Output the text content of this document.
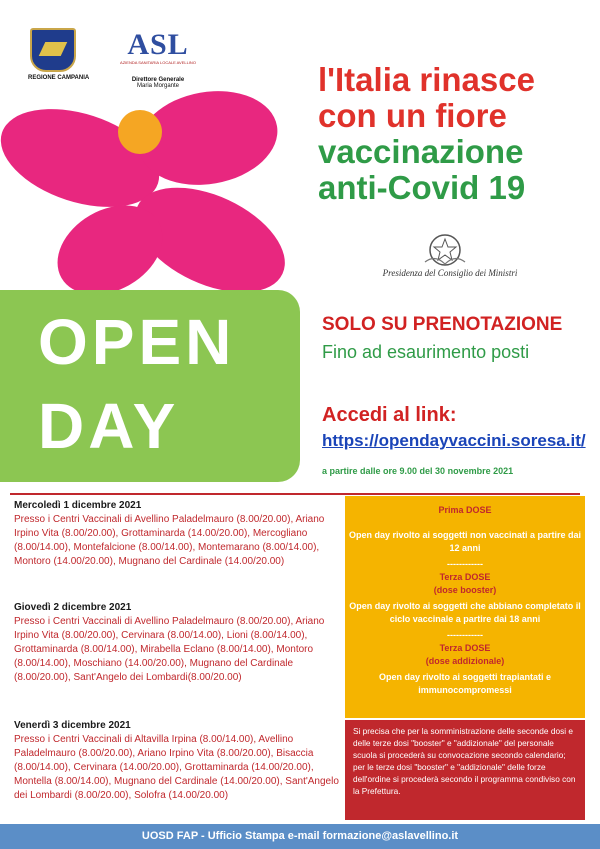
REGIONE CAMPANIA
ASL
AZIENDA SANITARIA LOCALE AVELLINO
Direttore Generale
Maria Morgante	l'Italia rinasce
con un fiore
vaccinazione
anti-Covid 19
Presidenza del Consiglio dei Ministri
OPEN
DAY
SOLO SU PRENOTAZIONE
Fino ad esaurimento posti
Accedi al link:
https://opendayvaccini.soresa.it/
a partire dalle ore 9.00 del 30 novembre 2021
Mercoledì 1 dicembre 2021
Presso i Centri Vaccinali di Avellino Paladelmauro (8.00/20.00), Ariano Irpino Vita (8.00/20.00), Grottaminarda (14.00/20.00), Mercogliano (8.00/14.00), Montefalcione (8.00/14.00), Montemarano (8.00/14.00), Montoro (14.00/20.00), Mugnano del Cardinale (14.00/20.00)
Giovedì 2 dicembre 2021
Presso i Centri Vaccinali di Avellino Paladelmauro (8.00/20.00), Ariano Irpino Vita (8.00/20.00), Cervinara (8.00/14.00), Lioni (8.00/14.00), Grottaminarda (8.00/14.00), Mirabella Eclano (8.00/14.00), Montoro (8.00/14.00), Moschiano (14.00/20.00), Mugnano del Cardinale (8.00/20.00), Sant'Angelo dei Lombardi(8.00/20.00)
Venerdì 3 dicembre 2021
Presso i Centri Vaccinali di Altavilla Irpina (8.00/14.00), Avellino Paladelmauro (8.00/20.00), Ariano Irpino Vita (8.00/20.00), Bisaccia (8.00/14.00), Cervinara (14.00/20.00), Grottaminarda (14.00/20.00), Montella (8.00/14.00), Mugnano del Cardinale (14.00/20.00), Sant'Angelo dei Lombardi (8.00/20.00), Solofra (14.00/20.00)
Prima DOSE
Open day rivolto ai soggetti non vaccinati a partire dai 12 anni
------------
Terza DOSE
(dose booster)
Open day rivolto ai soggetti che abbiano completato il ciclo vaccinale a partire dai 18 anni
------------
Terza DOSE
(dose addizionale)
Open day rivolto ai soggetti trapiantati e immunocompromessi
Si precisa che per la somministrazione delle seconde dosi e delle terze dosi "booster" e "addizionale" del personale scuola si procederà su convocazione secondo calendario; per le terze dosi "booster" e "addizionale" delle forze dell'ordine si procederà secondo il programma condiviso con la Prefettura.
UOSD FAP - Ufficio Stampa e-mail formazione@aslavellino.it
